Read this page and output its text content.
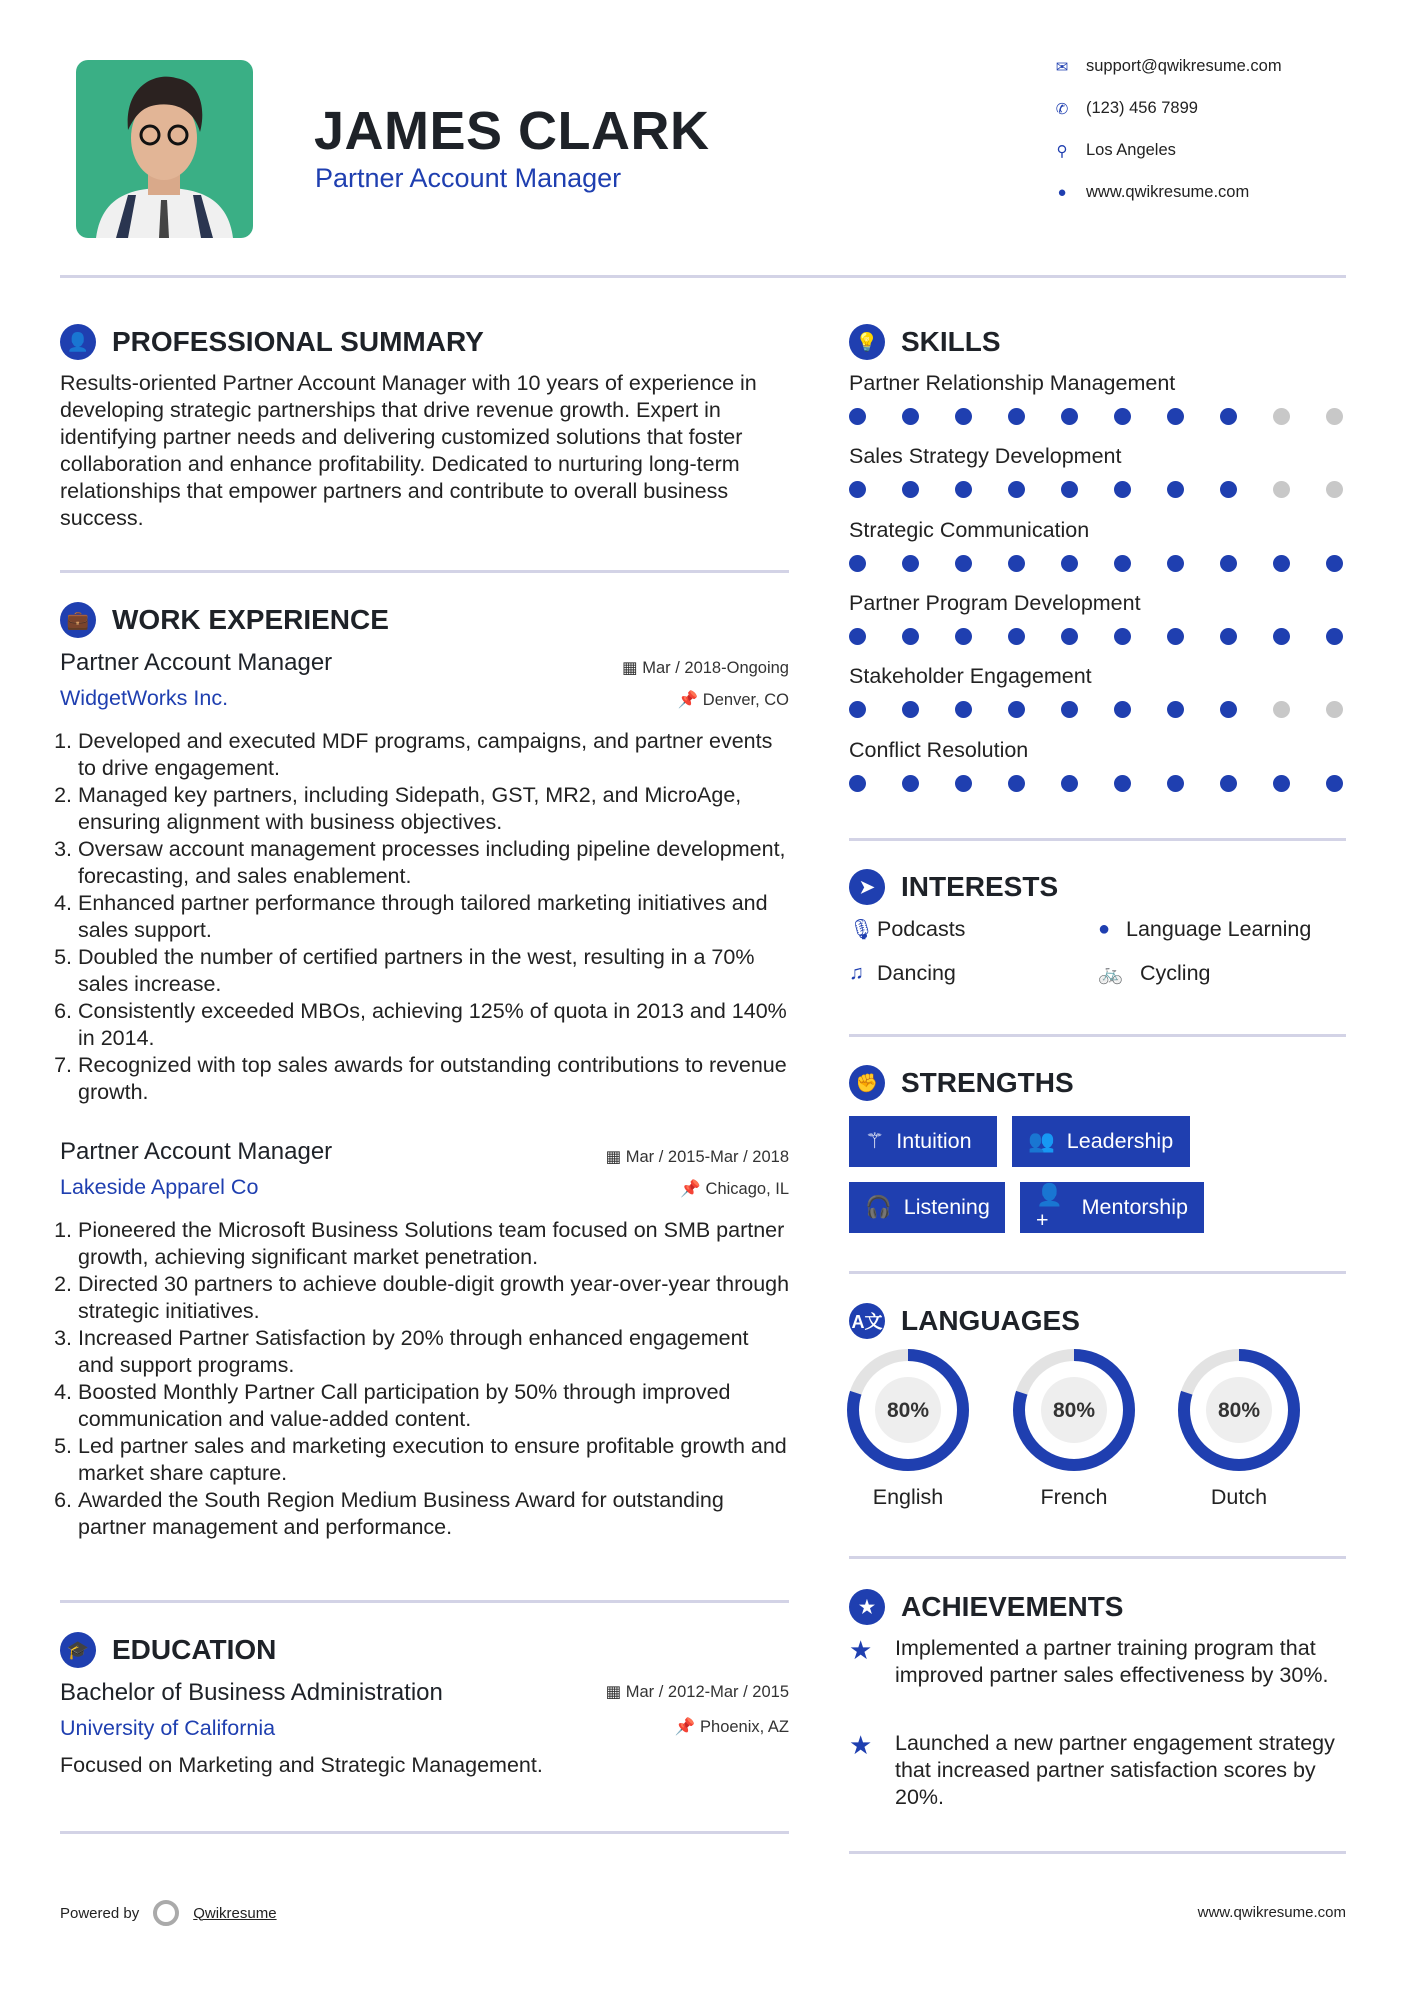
JAMES CLARK
Partner Account Manager
✉ support@qwikresume.com
✆ (123) 456 7899
⚲ Los Angeles
●	www.qwikresume.com
👤 PROFESSIONAL SUMMARY
Results-oriented Partner Account Manager with 10 years of experience in developing strategic partnerships that drive revenue growth. Expert in identifying partner needs and delivering customized solutions that foster collaboration and enhance profitability. Dedicated to nurturing long-term relationships that empower partners and contribute to overall business success.
💼 WORK EXPERIENCE
Partner Account Manager
WidgetWorks Inc.
▦ Mar / 2018-Ongoing
📌 Denver, CO
1. Developed and executed MDF programs, campaigns, and partner events to drive engagement.
2. Managed key partners, including Sidepath, GST, MR2, and MicroAge, ensuring alignment with business objectives.
3. Oversaw account management processes including pipeline development, forecasting, and sales enablement.
4. Enhanced partner performance through tailored marketing initiatives and sales support.
5. Doubled the number of certified partners in the west, resulting in a 70% sales increase.
6. Consistently exceeded MBOs, achieving 125% of quota in 2013 and 140% in 2014.
7. Recognized with top sales awards for outstanding contributions to revenue growth.
Partner Account Manager
Lakeside Apparel Co
▦ Mar / 2015-Mar / 2018
📌 Chicago, IL
1. Pioneered the Microsoft Business Solutions team focused on SMB partner growth, achieving significant market penetration.
2. Directed 30 partners to achieve double-digit growth year-over-year through strategic initiatives.
3. Increased Partner Satisfaction by 20% through enhanced engagement and support programs.
4. Boosted Monthly Partner Call participation by 50% through improved communication and value-added content.
5. Led partner sales and marketing execution to ensure profitable growth and market share capture.
6. Awarded the South Region Medium Business Award for outstanding partner management and performance.
🎓 EDUCATION
Bachelor of Business Administration
University of California
▦ Mar / 2012-Mar / 2015
📌 Phoenix, AZ
Focused on Marketing and Strategic Management.
💡 SKILLS
Partner Relationship Management
Sales Strategy Development
Strategic Communication
Partner Program Development
Stakeholder Engagement
Conflict Resolution
➤ INTERESTS
🎙 Podcasts	● Language Learning
♫ Dancing	🚲 Cycling
✊ STRENGTHS
⚚ Intuition	👥 Leadership
🎧 Listening
👤+
Mentorship
A文 LANGUAGES
80%
English
80%
French
80%
Dutch
★ ACHIEVEMENTS
★	Implemented a partner training program that improved partner sales effectiveness by 30%.
★	Launched a new partner engagement strategy that increased partner satisfaction scores by 20%.
Powered by	Qwikresume	www.qwikresume.com
